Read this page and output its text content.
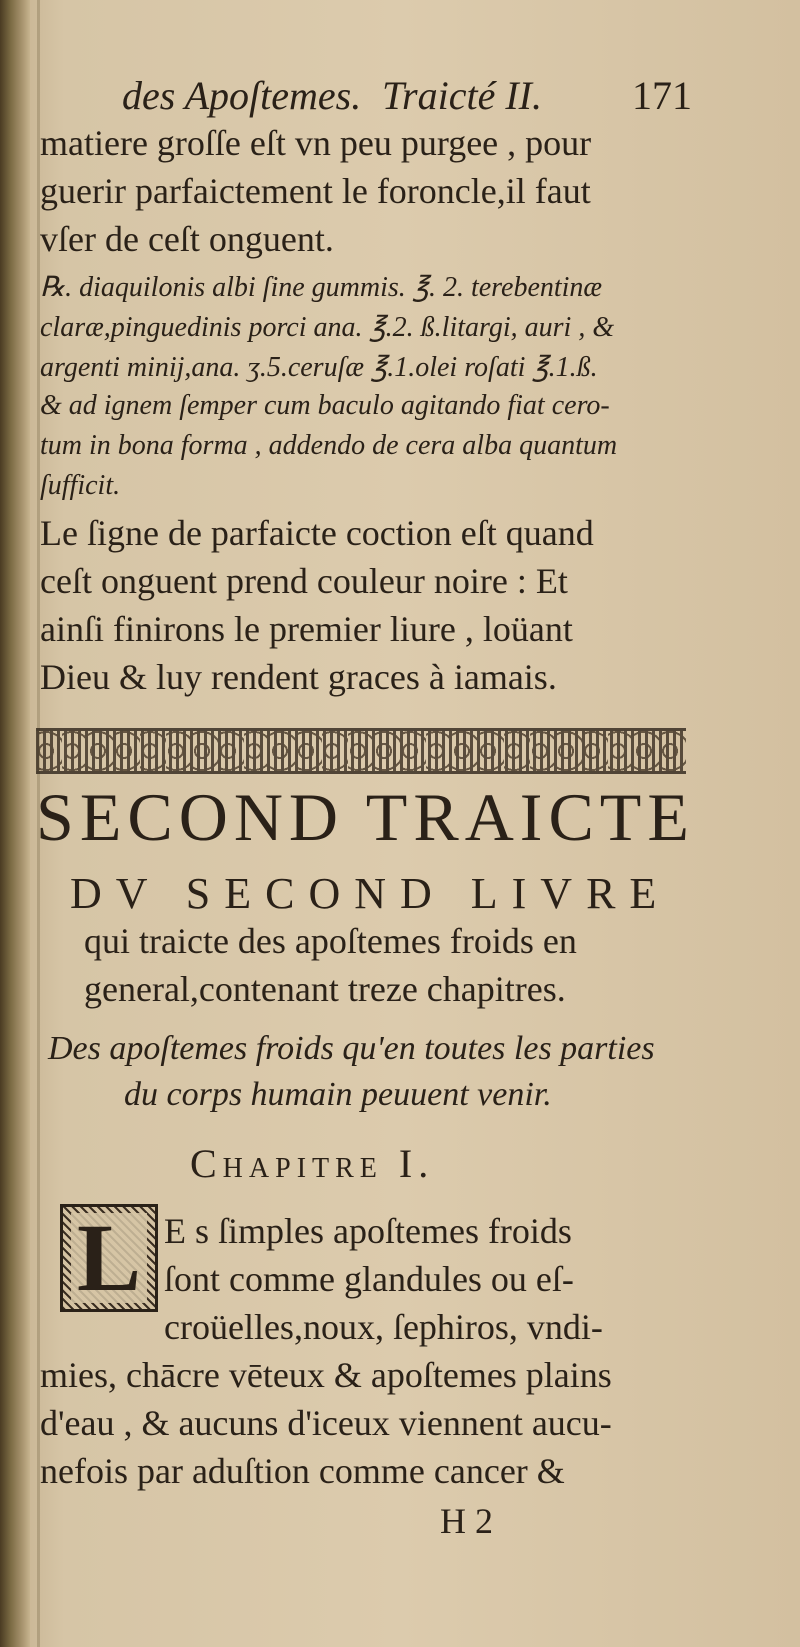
des Apoſtemes. Traicté II. 171
matiere groſſe eſt vn peu purgee , pour
guerir parfaictement le foroncle,il faut
vſer de ceſt onguent.
℞. diaquilonis albi ſine gummis. ℥. 2. terebentinæ
claræ,pinguedinis porci ana. ℥.2. ß.litargi, auri , &
argenti minij,ana. ʒ.5.ceruſæ ℥.1.olei roſati ℥.1.ß.
& ad ignem ſemper cum baculo agitando fiat cero-
tum in bona forma , addendo de cera alba quantum
ſufficit.
Le ſigne de parfaicte coction eſt quand
ceſt onguent prend couleur noire : Et
ainſi finirons le premier liure , loüant
Dieu & luy rendent graces à iamais.
SECOND TRAICTE
DV SECOND LIVRE
qui traicte des apoſtemes froids en
general,contenant treze chapitres.
Des apoſtemes froids qu'en toutes les parties
du corps humain peuuent venir.
Chapitre I.
L E s ſimples apoſtemes froids
ſont comme glandules ou eſ-
croüelles,noux, ſephiros, vndi-
mies, chācre vēteux & apoſtemes plains
d'eau , & aucuns d'iceux viennent aucu-
nefois par aduſtion comme cancer &
H 2
